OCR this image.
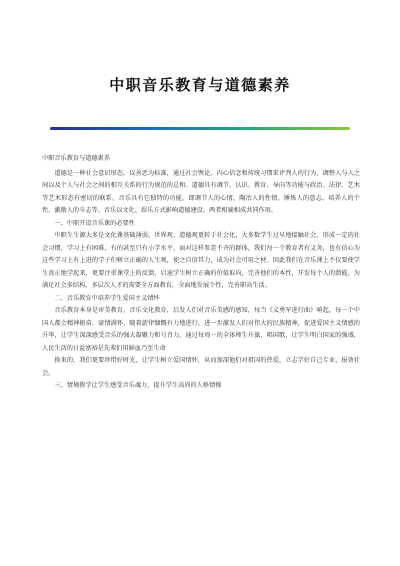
中职音乐教育与道德素养

中职音乐教育与道德素养

道德是一种社会意识形态，以善恶为标准，通过社会舆论、内心信念和传统习惯来评判人的行为，调整人与人之间以及个人与社会之间的相互关系的行为规范的总和。道德具有调节、认识、教育、导向等功能与政治、法律、艺术等艺术形态有密切的联系，音乐具有它独特的功能，即调节人的心情、陶冶人的性情、锤炼人的意志、培养人的个性、激励人的斗志等。音乐以文化、娱乐方式影响道德建设，两者相辅相成共同作用。

一、中职开设音乐课的必要性

中职生生源大多是文化课基础薄弱，世界观、道德观更转于社会化，大多数学生过早地接触社会，形成一定的社会习惯，学习上有困难，有的甚至只有小学水平，面对这样参差不齐的群体，我们每一个教育者有义务，也有信心为这些学习上有上进的学子们树立正确的人生观，使之自信其力，成为社会可用之材。因此我们在音乐课上不仅要使学生真正地学起来，更要注重课堂上的反馈，启迪学生树立正确的价值取向，完善他们的本性，开发每个人的潜能，为满足社会多结构、多层次人才的需要全方面教育，全面地发展个性，完善职高生活。

二、音乐教育中培养学生爱国主义情怀

音乐教育本身是审美教育，音乐文化教育，启发人们对音乐美感的感知，每当《义勇军进行曲》响起，每一个中国人都会精神振奋，豪情满怀，随着旋律慷慨有力地进行，进一步激发人们对伟大的民族精神，促进爱国主义情感的升华，让学生深深感受音乐的强大凝聚力和号召力。通过每周一的全体师生升旗，唱国歌，让学生明白国家的强盛，人民生活的日益富裕是先辈们用鲜血乃至生命

换来的，我们更要珍惜好时光，让学生树立爱国情怀，从而加深他们对祖国的热爱，立志学好自己专业，报效社会。

三、情境教学让学生感受音乐魂力，提升学生高尚的人格情操
